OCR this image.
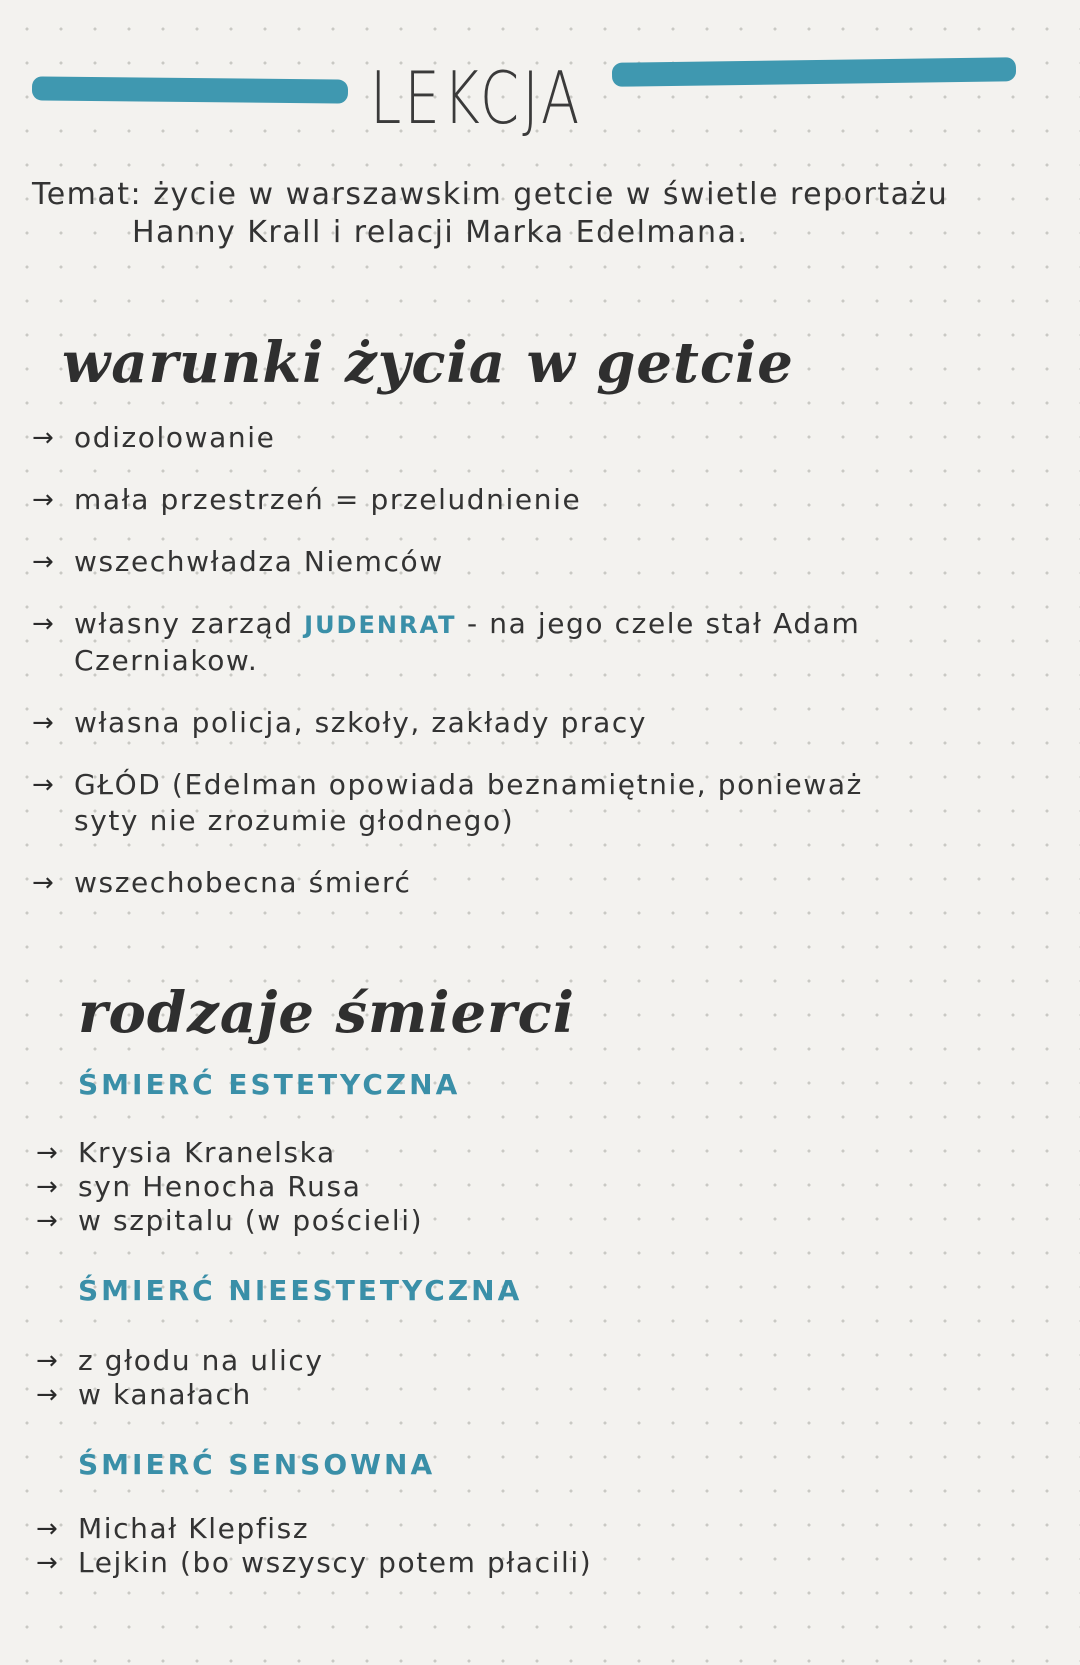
LEKCJA
Temat: życie w warszawskim getcie w świetle reportażu Hanny Krall i relacji Marka Edelmana.
warunki życia w getcie
→ odizolowanie
→ mała przestrzeń = przeludnienie
→ wszechwładza Niemców
→ własny zarząd JUDENRAT - na jego czele stał Adam Czerniakow.
→ własna policja, szkoły, zakłady pracy
→ GŁÓD (Edelman opowiada beznamiętnie, ponieważ syty nie zrozumie głodnego)
→ wszechobecna śmierć
rodzaje śmierci
ŚMIERĆ ESTETYCZNA
→ Krysia Kranelska
→ syn Henocha Rusa
→ w szpitalu (w pościeli)
ŚMIERĆ NIEESTETYCZNA
→ z głodu na ulicy
→ w kanałach
ŚMIERĆ SENSOWNA
→ Michał Klepfisz
→ Lejkin (bo wszyscy potem płacili)
